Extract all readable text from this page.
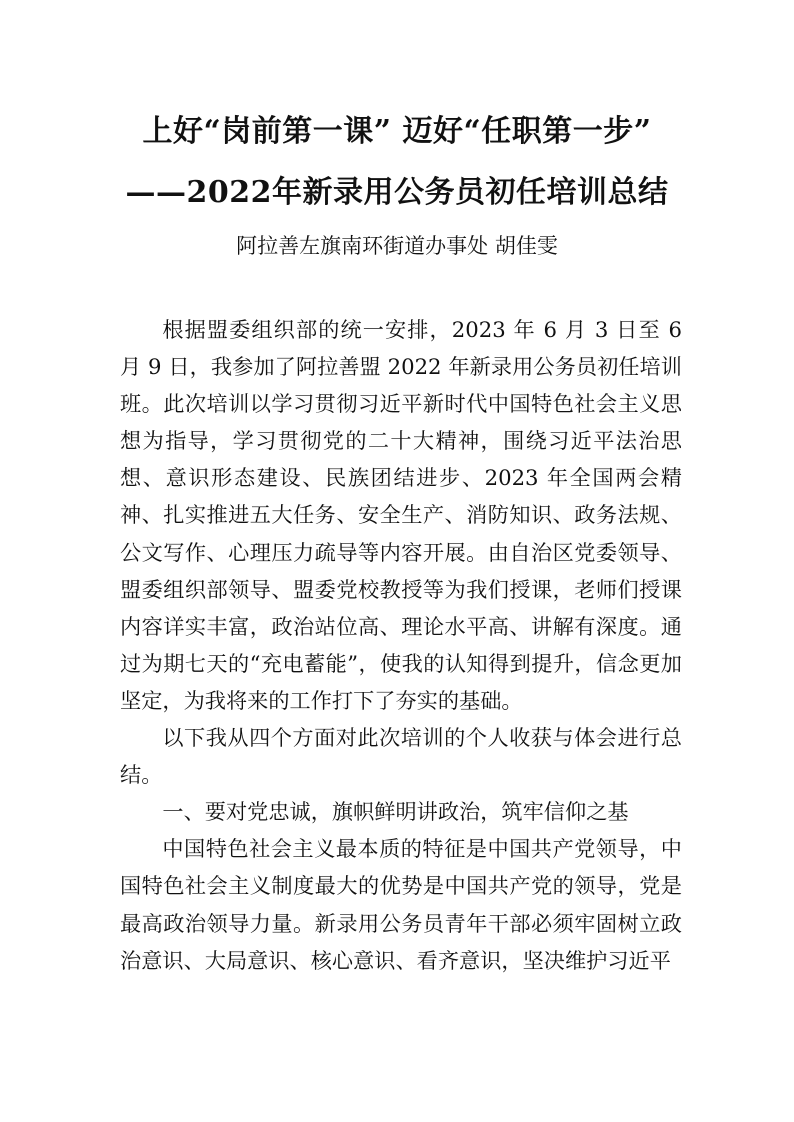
上好“岗前第一课” 迈好“任职第一步”
——2022年新录用公务员初任培训总结
阿拉善左旗南环街道办事处 胡佳雯

根据盟委组织部的统一安排，2023 年 6 月 3 日至 6 月 9 日，我参加了阿拉善盟 2022 年新录用公务员初任培训班。此次培训以学习贯彻习近平新时代中国特色社会主义思想为指导，学习贯彻党的二十大精神，围绕习近平法治思想、意识形态建设、民族团结进步、2023 年全国两会精神、扎实推进五大任务、安全生产、消防知识、政务法规、公文写作、心理压力疏导等内容开展。由自治区党委领导、盟委组织部领导、盟委党校教授等为我们授课，老师们授课内容详实丰富，政治站位高、理论水平高、讲解有深度。通过为期七天的“充电蓄能”，使我的认知得到提升，信念更加坚定，为我将来的工作打下了夯实的基础。

以下我从四个方面对此次培训的个人收获与体会进行总结。

一、要对党忠诚，旗帜鲜明讲政治，筑牢信仰之基

中国特色社会主义最本质的特征是中国共产党领导，中国特色社会主义制度最大的优势是中国共产党的领导，党是最高政治领导力量。新录用公务员青年干部必须牢固树立政治意识、大局意识、核心意识、看齐意识，坚决维护习近平
